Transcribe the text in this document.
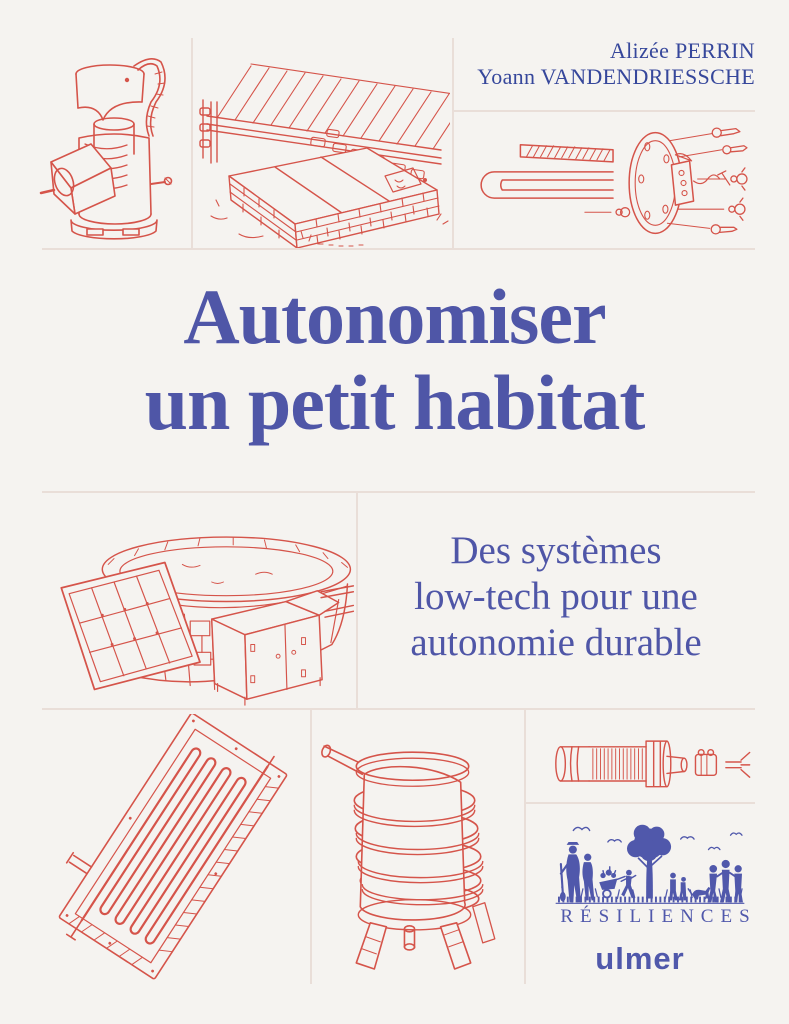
Alizée PERRIN
Yoann VANDENDRIESSCHE
Autonomiser
un petit habitat
Des systèmes
low-tech pour une
autonomie durable
RÉSILIENCES
ulmer
